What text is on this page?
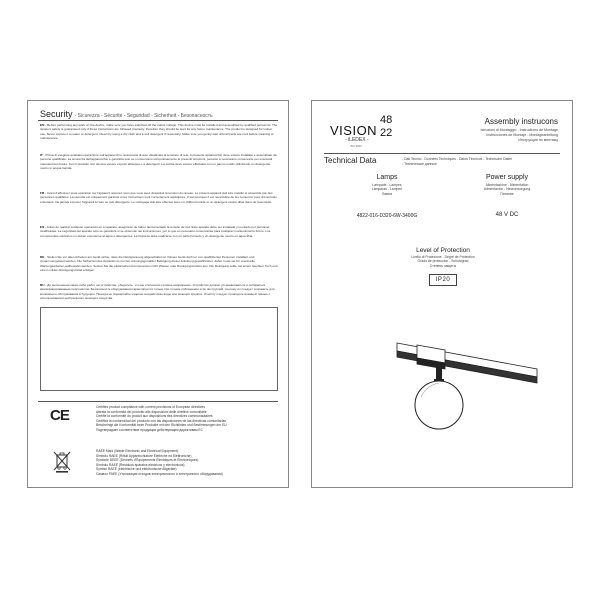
Security - Sicurezza - Sécurité - Seguridad - Sicherheit - Безопасность
EN - Before performing any work on the device, make sure you have switched off the mains voltage. This device must be installed and assembled by qualified personnel. The device's safety is guaranteed only if these instructions are followed precisely, therefore they should be kept for any future maintenance. The product is designed for indoor use. Never expose it to water or detergent. Clean by using a dry cloth and a soft detergent if necessary. Make sure you gently wait until all parts are cool before cleaning or maintenance.
IT - Prima di eseguire qualsiasi operazione sull'apparecchio, assicurarsi di aver disattivato la tensione di rete. Il presente apparecchio deve essere installato e assemblato da persone qualificate. La sicurezza dell'apparecchio è garantita solo se si osservano scrupolosamente le presenti istruzioni, pertanto è necessario conservarle per eventuali manutenzioni future. Con il prodotto non devono essere esposti all'acqua o a detergenti. La pulizia deve essere effettuata con un panno umido utilizzando un detergente neutro in acqua tiepida.
FR - Avant d'effectuer toute opération sur l'appareil, assurez-vous que vous avez désactivé la tension du réseau. Le présent appareil doit être installé et assemblé par des personnes qualifiées. La sécurité est uniquement garantie si les instructions sont correctement appliquées. C'est pourquoi il est nécessaire de les conserver pour d'éventuels entretiens. Ne jamais exposer l'appareil à l'eau ou aux détergents. Le nettoyage doit être effectué avec un chiffon humide et un détergent neutre dilué dans de l'eau tiède.
ES - Antes de realizar cualquier operación en el aparato, asegúrese de haber desconectado la tensión de red. Este aparato debe ser instalado y montado por personas cualificadas. La seguridad del aparato sólo se garantiza si se observan las instrucciones, por lo que es necesario conservarlas para cualquier mantenimiento futuro. Los componentes eléctricos no deben exponerse al agua o detergentes. La limpieza debe realizarse con un paño húmedo y un detergente neutro en agua tibia.
DE - Stellen Sie vor allen Arbeiten am Gerät sicher, dass die Netzspannung abgeschaltet ist. Dieses Gerät darf nur von qualifizierten Personen installiert und zusammengebaut werden. Die Sicherheit des Apparats ist nur bei ordnungsgemäßer Befolgung dieser Anleitung gewährleistet, daher muss sie für eventuelle Wartungsarbeiten aufbewahrt werden. Setzen Sie die elektrischen Komponenten nicht Wasser oder Reinigungsmitteln aus. Die Reinigung sollte mit einem feuchten Tuch und einem milden Reinigungsmittel erfolgen.
RU - До выполнения каких-либо работ на устройстве, убедитесь, что вы отключили сетевое напряжение. Устройство должно устанавливаться и собираться квалифицированным персоналом. Безопасность оборудования гарантируется только при точном соблюдении этих инструкций, поэтому их следует сохранить для возможного обслуживания в будущем. Никогда не подвергайте изделие воздействию воды или моющих средств. Очистку следует проводить влажной тканью с использованием нейтрального моющего средства.
CE	Certifies product compliance with current provisions of European directives
Attesta la conformità del prodotto alle disposizioni delle direttive comunitarie
Certifie la conformité du produit aux dispositions des directives communautaires
Certifica la conformidad del producto con las disposiciones de las directivas comunitarias
Bescheinigt die Konformität beim Produkte mit den Richtlinien und Bestimmungen der EU
Подтверждает соответствие продукции действующим директивам ЕС
RAEE Mark (Waste Electronic and Electrical Equipment)
Simbolo RAEE (Rifiuti Apparecchiature Elettriche ed Elettroniche)
Symbole DEEE (Déchets d'Équipements Électriques et Électroniques)
Símbolo RAEE (Residuos aparatos eléctricos y electrónicos)
Symbol RAEE (elektrische und elektronische Altgeräte)
Символ РАЕЕ (Утилизация отходов электрического и электронного оборудования)
VISION
48
22
- iLEDEX -
ISO 9001
Assembly instrucons
Istruzioni di Montaggio - Instructions de Montage
Instrucciones de Montaje - Montageanleitung
Инструкция по монтажу
Technical Data	- Dati Tecnici - Données Techniques - Datos Técnicos - Technische Daten
- Технические данные
Lamps
Lampade - Lampes
Lámparas - Lampen
Лампа
4822-016-D320-6W-3400G
Power supply
Alimentazione - Alimentation
Alimentación - Netzversorgung
Питание
48 V DC
Level of Protection
Livello di Protezione - Degré de Protection
Grado de protección - Schutzgrad
Степень защиты
IP20
